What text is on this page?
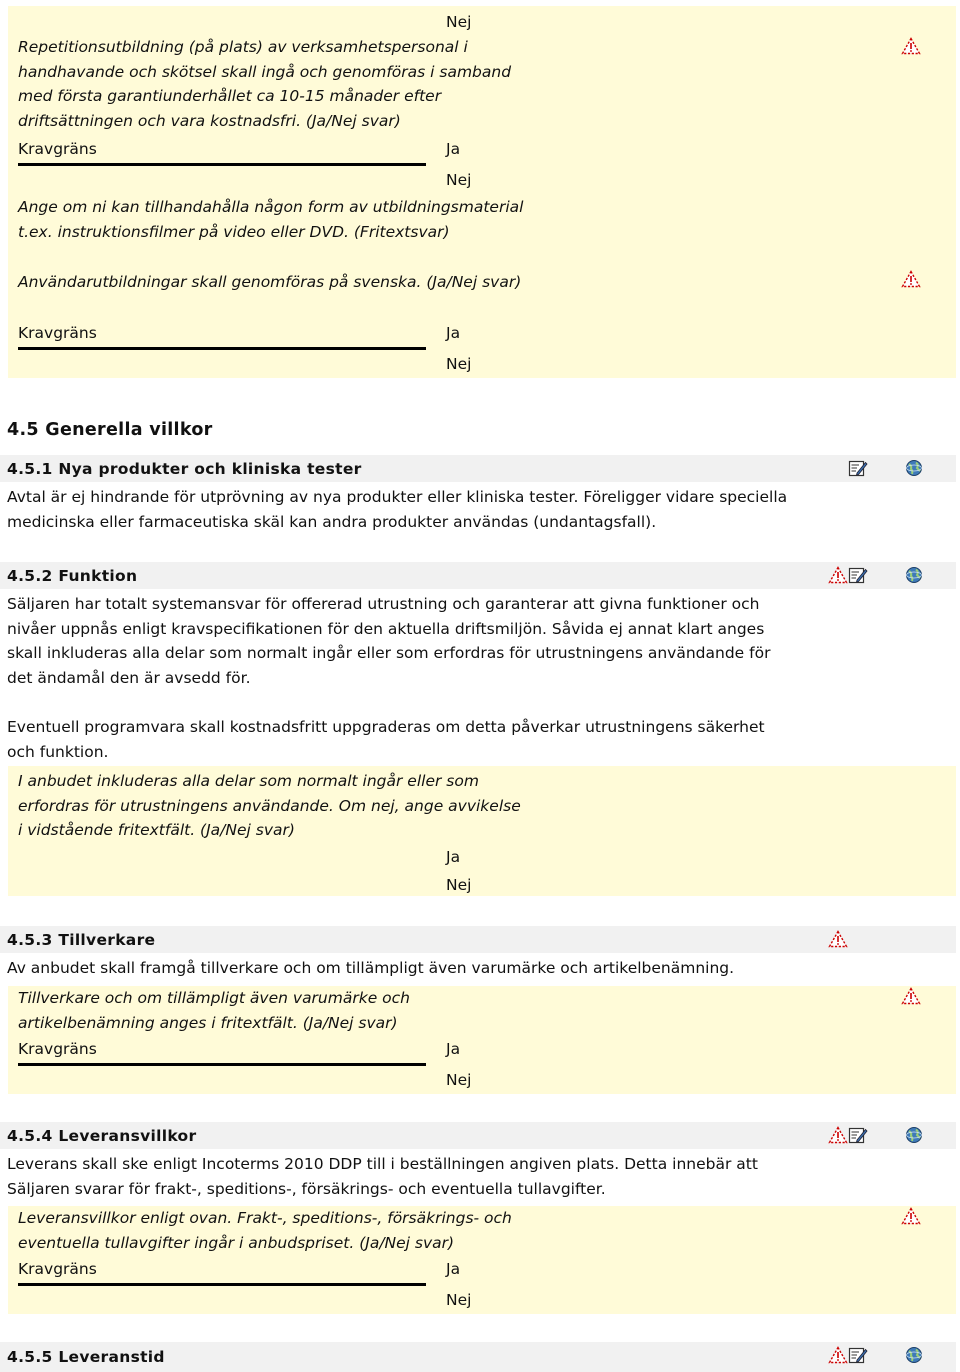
Nej
Repetitionsutbildning (på plats) av verksamhetspersonal i handhavande och skötsel skall ingå och genomföras i samband med första garantiunderhållet ca 10-15 månader efter driftsättningen och vara kostnadsfri. (Ja/Nej svar)
Kravgräns	Ja
Nej
Ange om ni kan tillhandahålla någon form av utbildningsmaterial t.ex. instruktionsfilmer på video eller DVD. (Fritextsvar)
Användarutbildningar skall genomföras på svenska. (Ja/Nej svar)
Kravgräns	Ja
Nej
4.5 Generella villkor
4.5.1 Nya produkter och kliniska tester
Avtal är ej hindrande för utprövning av nya produkter eller kliniska tester. Föreligger vidare speciella medicinska eller farmaceutiska skäl kan andra produkter användas (undantagsfall).
4.5.2 Funktion
Säljaren har totalt systemansvar för offererad utrustning och garanterar att givna funktioner och nivåer uppnås enligt kravspecifikationen för den aktuella driftsmiljön. Såvida ej annat klart anges skall inkluderas alla delar som normalt ingår eller som erfordras för utrustningens användande för det ändamål den är avsedd för.
Eventuell programvara skall kostnadsfritt uppgraderas om detta påverkar utrustningens säkerhet och funktion.
I anbudet inkluderas alla delar som normalt ingår eller som erfordras för utrustningens användande. Om nej, ange avvikelse i vidstående fritextfält. (Ja/Nej svar)
Ja
Nej
4.5.3 Tillverkare
Av anbudet skall framgå tillverkare och om tillämpligt även varumärke och artikelbenämning.
Tillverkare och om tillämpligt även varumärke och artikelbenämning anges i fritextfält. (Ja/Nej svar)
Kravgräns	Ja
Nej
4.5.4 Leveransvillkor
Leverans skall ske enligt Incoterms 2010 DDP till i beställningen angiven plats. Detta innebär att Säljaren svarar för frakt-, speditions-, försäkrings- och eventuella tullavgifter.
Leveransvillkor enligt ovan. Frakt-, speditions-, försäkrings- och eventuella tullavgifter ingår i anbudspriset. (Ja/Nej svar)
Kravgräns	Ja
Nej
4.5.5 Leveranstid
